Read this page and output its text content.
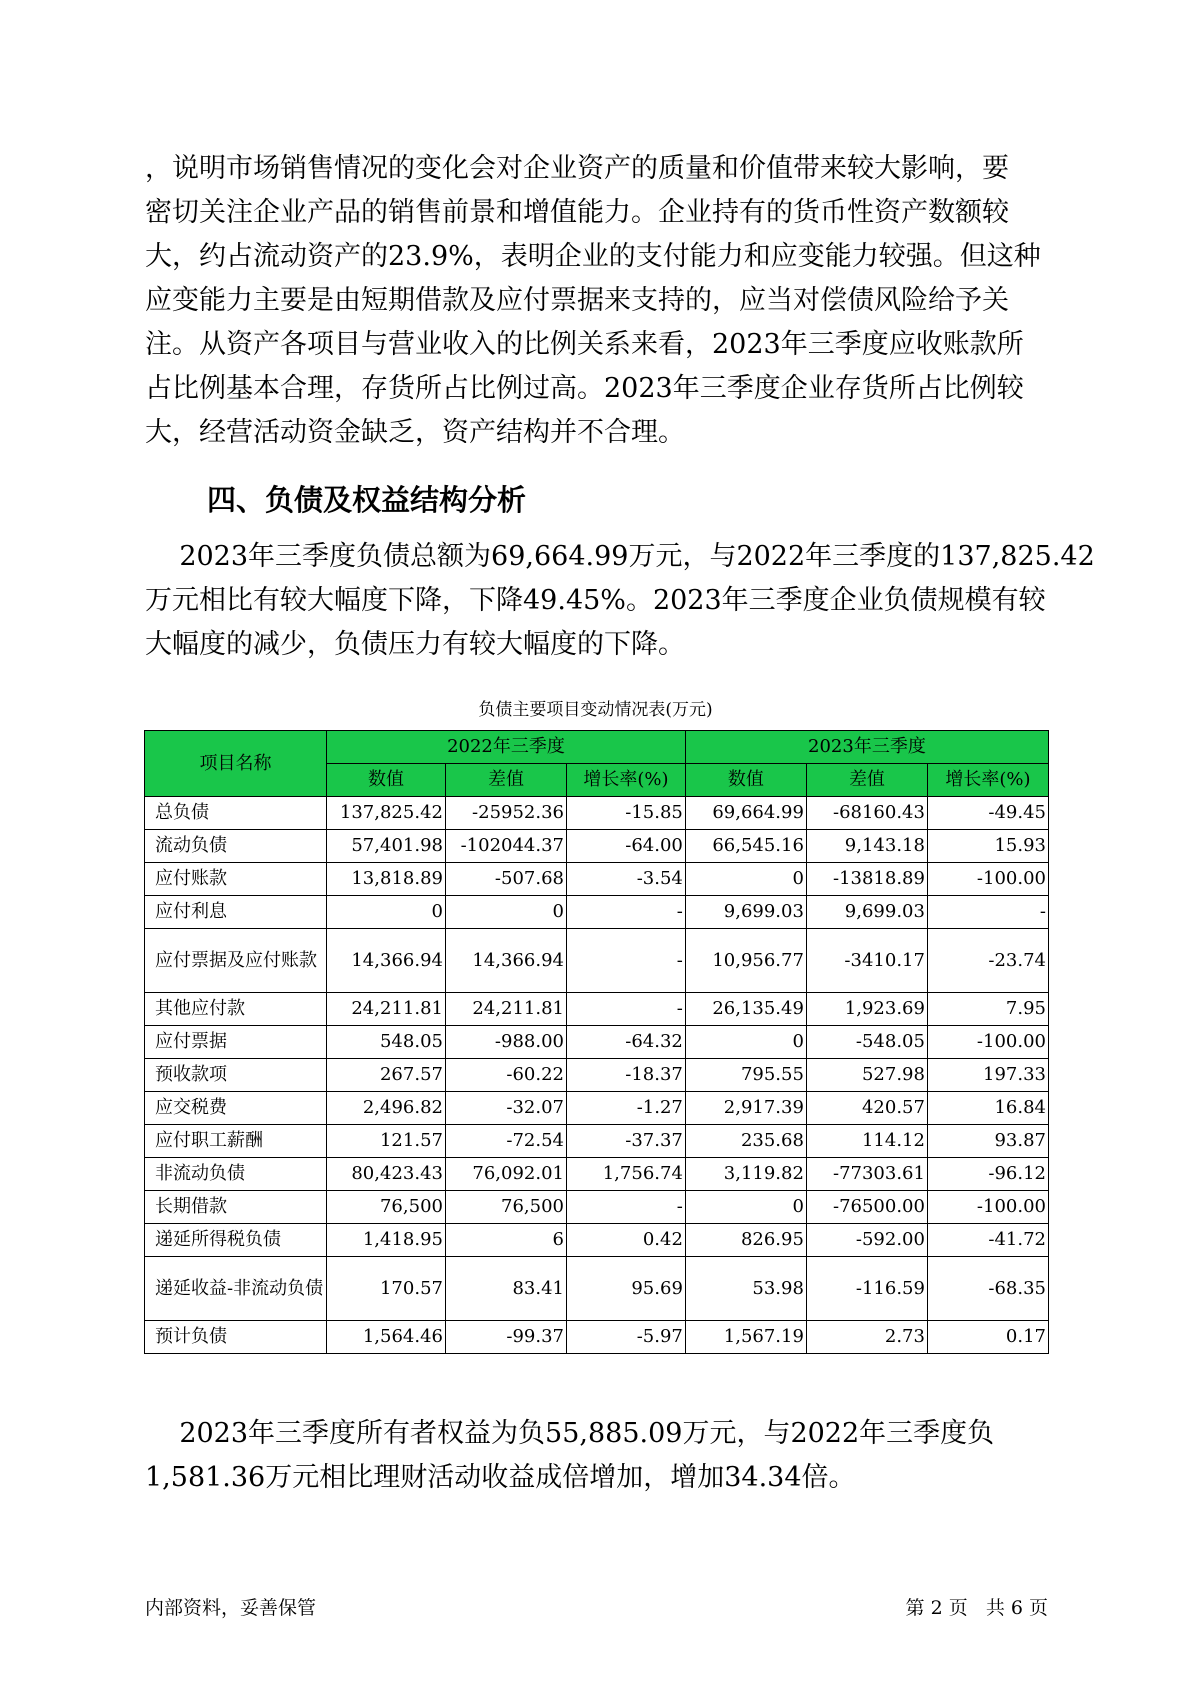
，说明市场销售情况的变化会对企业资产的质量和价值带来较大影响，要
密切关注企业产品的销售前景和增值能力。企业持有的货币性资产数额较
大，约占流动资产的23.9%，表明企业的支付能力和应变能力较强。但这种
应变能力主要是由短期借款及应付票据来支持的，应当对偿债风险给予关
注。从资产各项目与营业收入的比例关系来看，2023年三季度应收账款所
占比例基本合理，存货所占比例过高。2023年三季度企业存货所占比例较
大，经营活动资金缺乏，资产结构并不合理。
四、负债及权益结构分析
2023年三季度负债总额为69,664.99万元，与2022年三季度的137,825.42
万元相比有较大幅度下降，下降49.45%。2023年三季度企业负债规模有较
大幅度的减少，负债压力有较大幅度的下降。
负债主要项目变动情况表(万元)
项目名称	2022年三季度			2023年三季度		
	数值	差值	增长率(%)	数值	差值	增长率(%)
总负债	137,825.42	-25952.36	-15.85	69,664.99	-68160.43	-49.45
流动负债	57,401.98	-102044.37	-64.00	66,545.16	9,143.18	15.93
应付账款	13,818.89	-507.68	-3.54	0	-13818.89	-100.00
应付利息	0	0	-	9,699.03	9,699.03	-
应付票据及应付账款	14,366.94	14,366.94	-	10,956.77	-3410.17	-23.74
其他应付款	24,211.81	24,211.81	-	26,135.49	1,923.69	7.95
应付票据	548.05	-988.00	-64.32	0	-548.05	-100.00
预收款项	267.57	-60.22	-18.37	795.55	527.98	197.33
应交税费	2,496.82	-32.07	-1.27	2,917.39	420.57	16.84
应付职工薪酬	121.57	-72.54	-37.37	235.68	114.12	93.87
非流动负债	80,423.43	76,092.01	1,756.74	3,119.82	-77303.61	-96.12
长期借款	76,500	76,500	-	0	-76500.00	-100.00
递延所得税负债	1,418.95	6	0.42	826.95	-592.00	-41.72
递延收益-非流动负债	170.57	83.41	95.69	53.98	-116.59	-68.35
预计负债	1,564.46	-99.37	-5.97	1,567.19	2.73	0.17
2023年三季度所有者权益为负55,885.09万元，与2022年三季度负
1,581.36万元相比理财活动收益成倍增加，增加34.34倍。
内部资料，妥善保管	第 2 页   共 6 页
